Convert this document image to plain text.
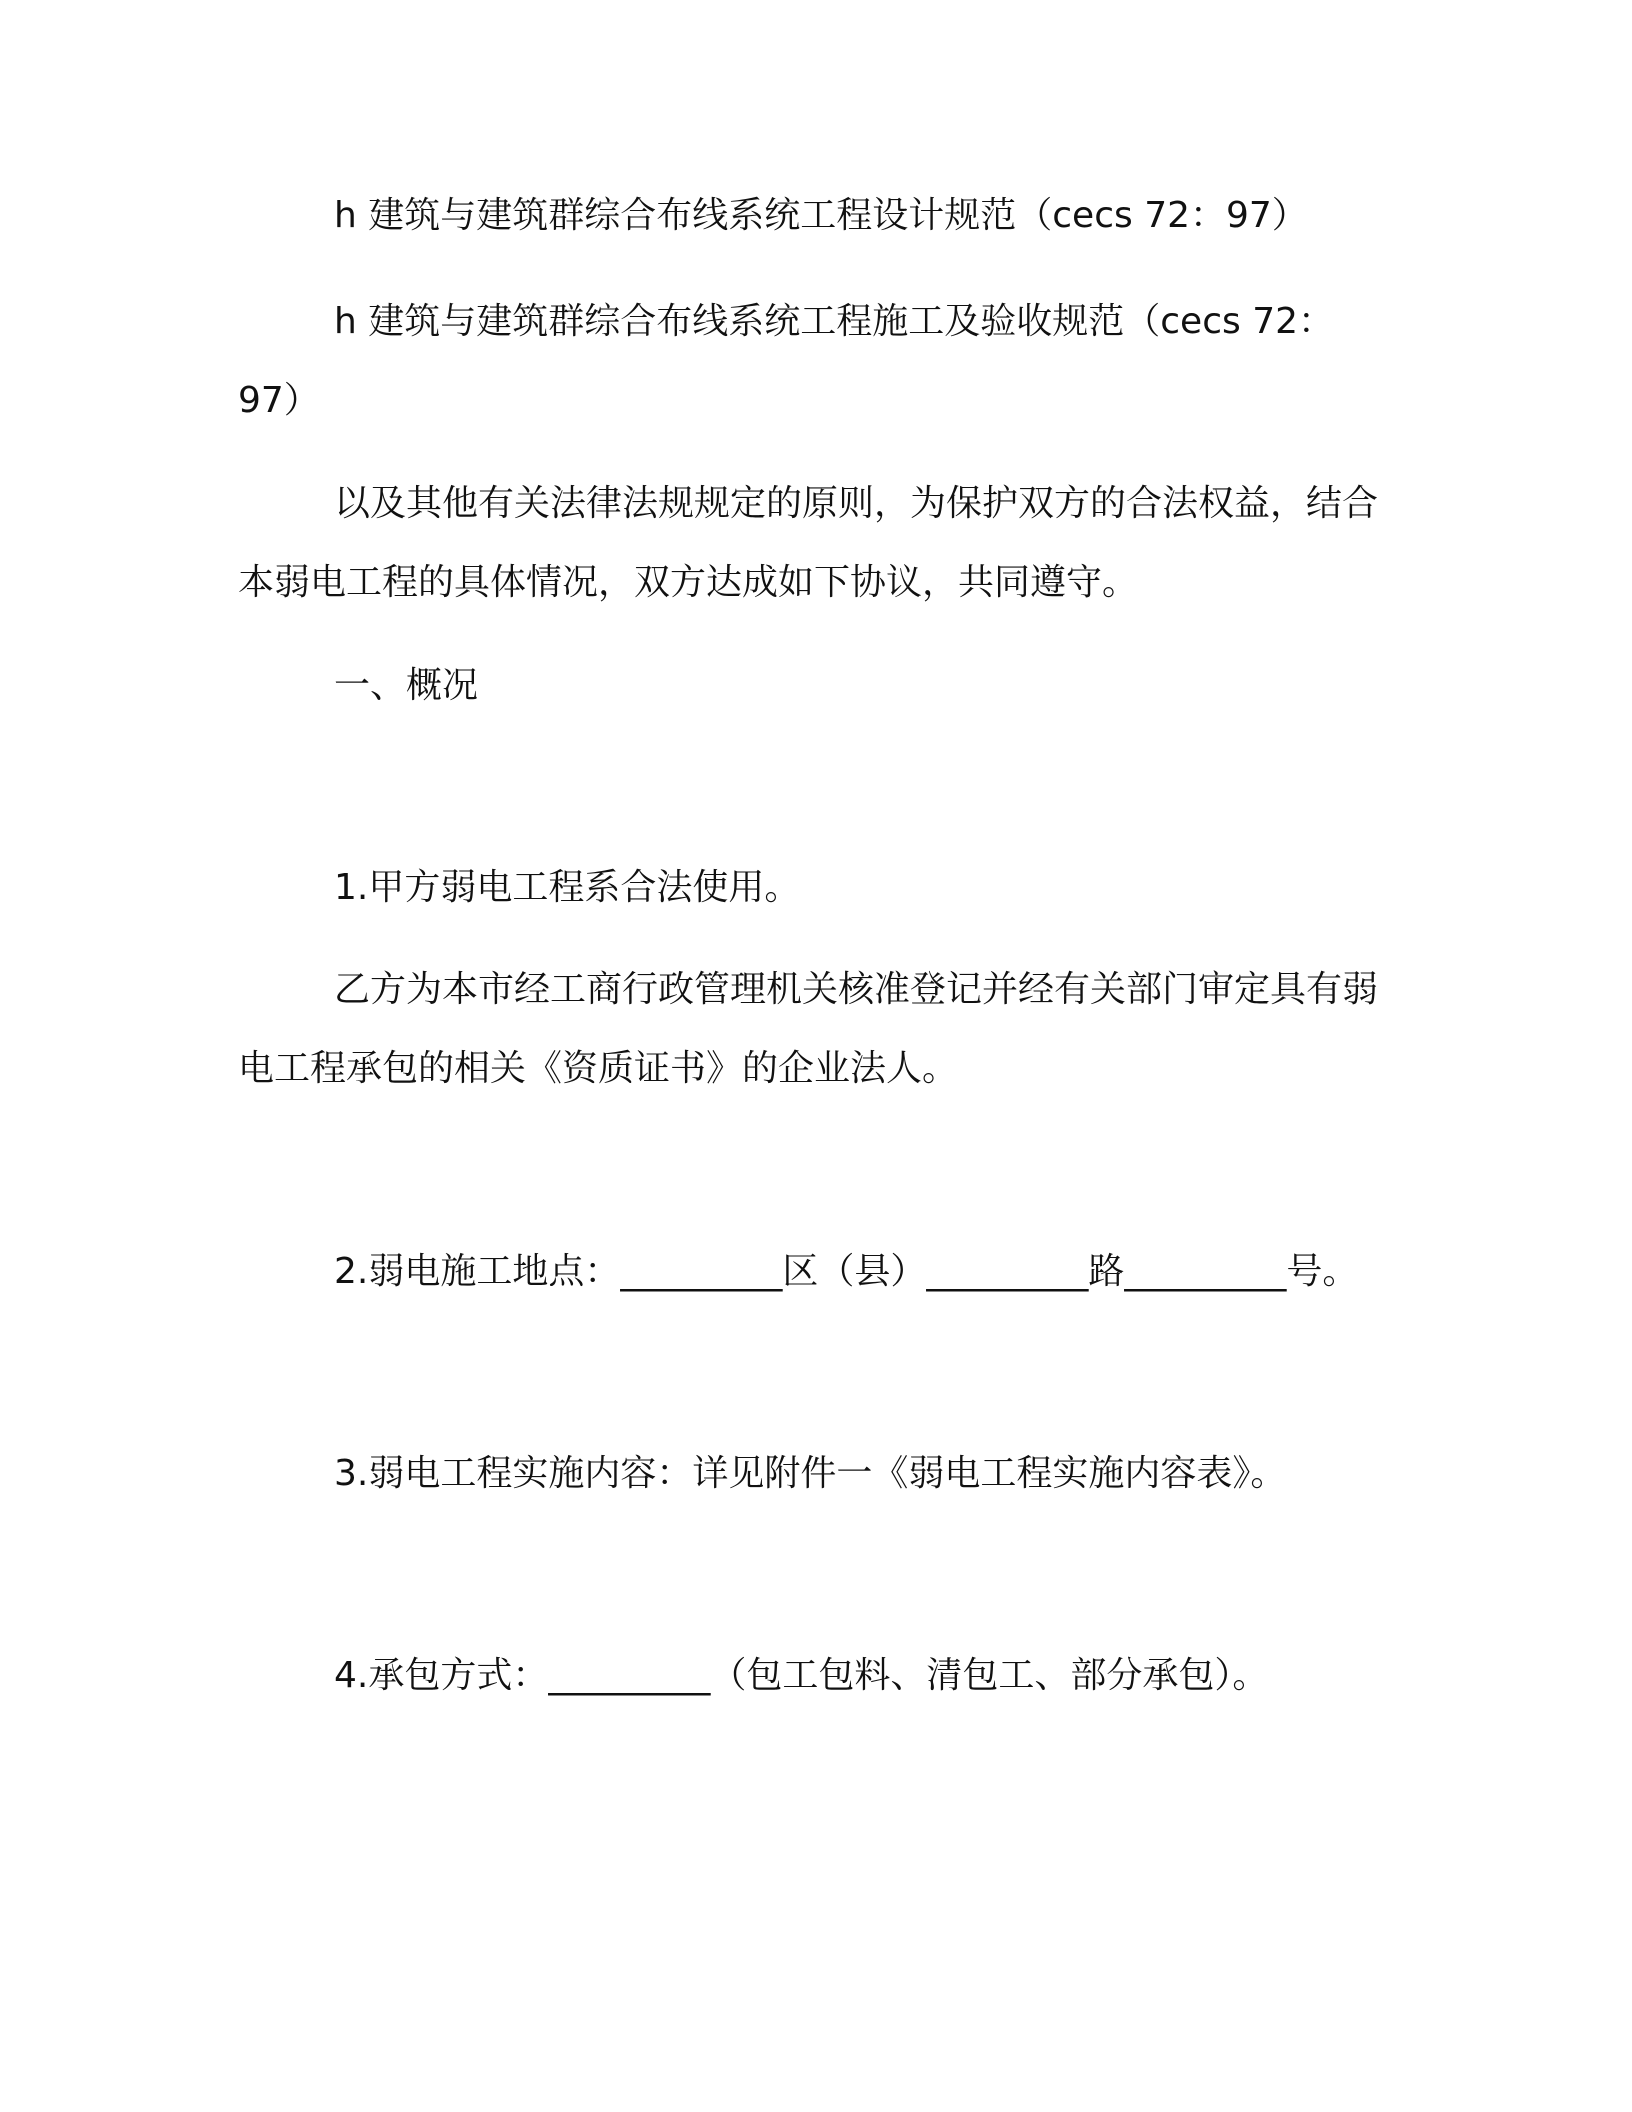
h 建筑与建筑群综合布线系统工程设计规范（cecs 72：97）

h 建筑与建筑群综合布线系统工程施工及验收规范（cecs 72：97）

以及其他有关法律法规规定的原则，为保护双方的合法权益，结合本弱电工程的具体情况，双方达成如下协议，共同遵守。

一、概况

1.甲方弱电工程系合法使用。

乙方为本市经工商行政管理机关核准登记并经有关部门审定具有弱电工程承包的相关《资质证书》的企业法人。

2.弱电施工地点：_________区（县）_________路_________号。

3.弱电工程实施内容：详见附件一《弱电工程实施内容表》。

4.承包方式：_________（包工包料、清包工、部分承包）。
